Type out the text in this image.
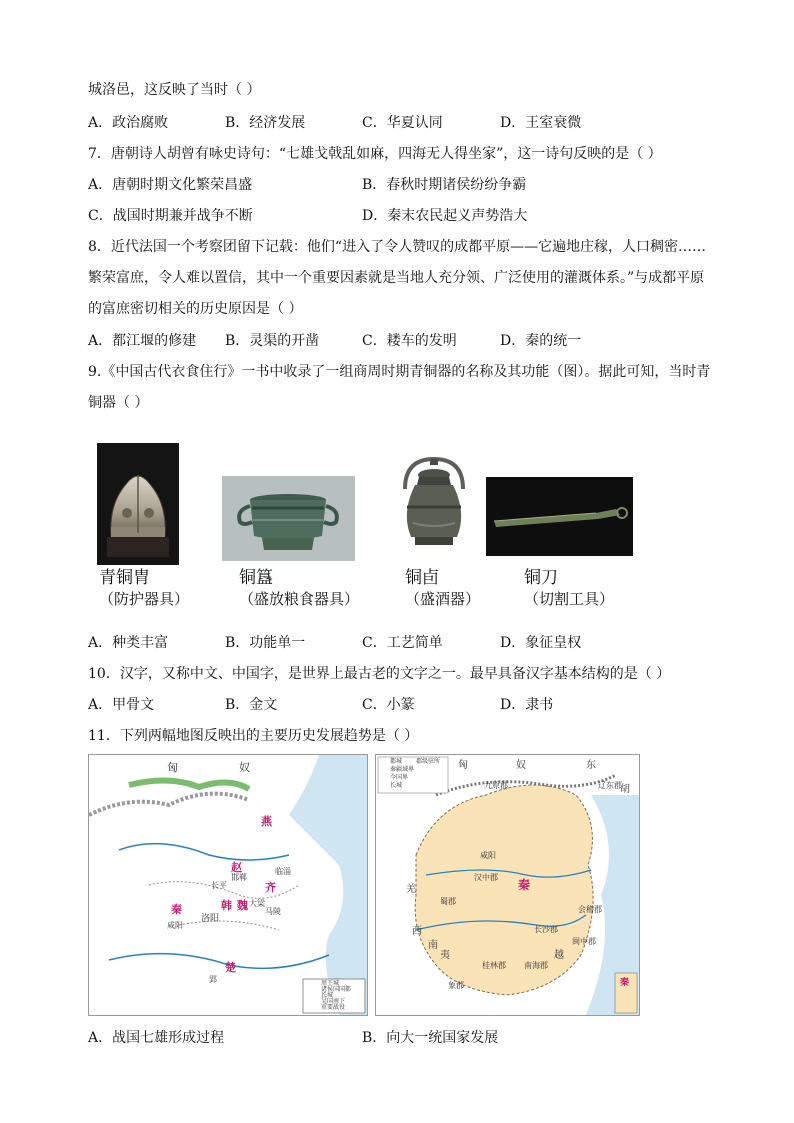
城洛邑，这反映了当时（ ）
A．政治腐败	B．经济发展	C．华夏认同	D．王室衰微
7．唐朝诗人胡曾有咏史诗句：“七雄戈戟乱如麻，四海无人得坐家”，这一诗句反映的是（ ）
A．唐朝时期文化繁荣昌盛	B．春秋时期诸侯纷纷争霸
C．战国时期兼并战争不断	D．秦末农民起义声势浩大
8．近代法国一个考察团留下记载：他们“进入了令人赞叹的成都平原——它遍地庄稼，人口稠密……
繁荣富庶，令人难以置信，其中一个重要因素就是当地人充分领、广泛使用的灌溉体系。”与成都平原
的富庶密切相关的历史原因是（ ）
A．都江堰的修建 B．灵渠的开凿	C．耧车的发明	D．秦的统一
9.《中国古代衣食住行》一书中收录了一组商周时期青铜器的名称及其功能（图）。据此可知，当时青
铜器（ ）
青铜胄
（防护器具）
铜簋
（盛放粮食器具）
铜卣
（盛酒器）
铜刀
（切割工具）
A．种类丰富	B．功能单一	C．工艺简单	D．象征皇权
10．汉字，又称中文、中国字，是世界上最古老的文字之一。最早具备汉字基本结构的是（ ）
A．甲骨文	B．金文	C．小篆	D．隶书
11．下列两幅地图反映出的主要历史发展趋势是（ ）
匈	奴
燕
赵
齐
秦	魏
韩
楚
洛阳
咸阳
大梁
邯郸
临淄
长平
马陵
郢	周王城
诸侯国国都
长城
吴国南下
重要战役
都城 郡级驻所
秦疆域界
今国界
长城
匈	奴	东
胡
秦
咸阳
九原郡	辽东郡
汉中郡
蜀郡
长沙郡
桂林郡 南海郡
象郡
闽中郡
会稽郡
羌
西
南
夷	越
秦
A．战国七雄形成过程	B．向大一统国家发展
